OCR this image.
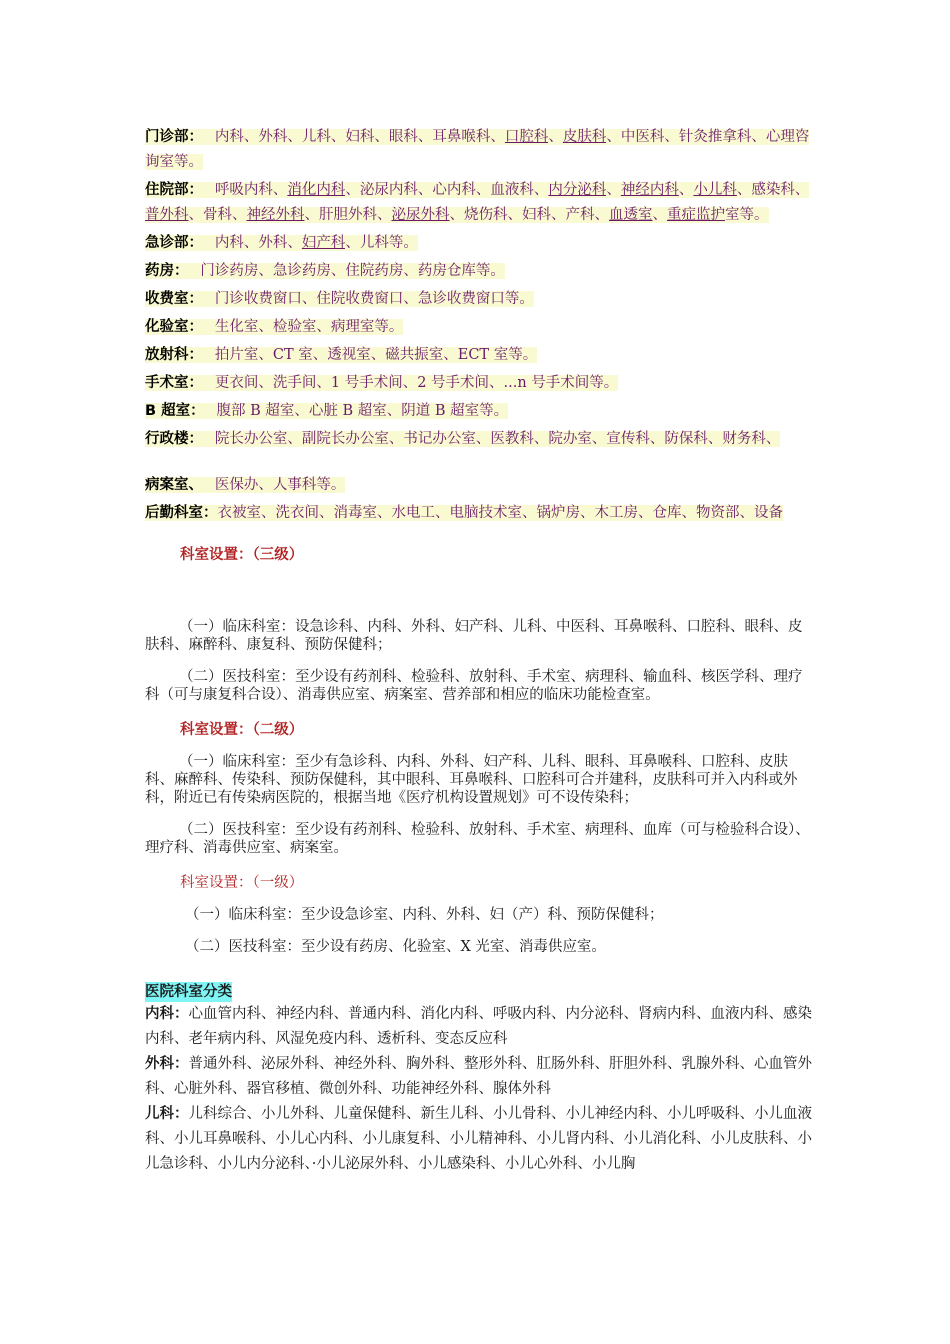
门诊部：　 内科、外科、儿科、妇科、眼科、耳鼻喉科、口腔科、皮肤科、中医科、针灸推拿科、心理咨询室等。
住院部：　 呼吸内科、消化内科、泌尿内科、心内科、血液科、内分泌科、神经内科、小儿科、感染科、普外科、骨科、神经外科、肝胆外科、泌尿外科、烧伤科、妇科、产科、血透室、重症监护室等。
急诊部：　 内科、外科、妇产科、儿科等。
药房：　 门诊药房、急诊药房、住院药房、药房仓库等。
收费室：　 门诊收费窗口、住院收费窗口、急诊收费窗口等。
化验室：　 生化室、检验室、病理室等。
放射科：　 拍片室、CT 室、透视室、磁共振室、ECT 室等。
手术室：　 更衣间、洗手间、1 号手术间、2 号手术间、...n 号手术间等。
B 超室：　 腹部 B 超室、心脏 B 超室、阴道 B 超室等。
行政楼：　 院长办公室、副院长办公室、书记办公室、医教科、院办室、宣传科、防保科、财务科、
病案室、　 医保办、人事科等。
后勤科室：衣被室、洗衣间、消毒室、水电工、电脑技术室、锅炉房、木工房、仓库、物资部、设备
科室设置：（三级）

（一）临床科室：设急诊科、内科、外科、妇产科、儿科、中医科、耳鼻喉科、口腔科、眼科、皮肤科、麻醉科、康复科、预防保健科；

（二）医技科室：至少设有药剂科、检验科、放射科、手术室、病理科、输血科、核医学科、理疗科（可与康复科合设）、消毒供应室、病案室、营养部和相应的临床功能检查室。

科室设置：（二级）

（一）临床科室：至少有急诊科、内科、外科、妇产科、儿科、眼科、耳鼻喉科、口腔科、皮肤科、麻醉科、传染科、预防保健科，其中眼科、耳鼻喉科、口腔科可合并建科，皮肤科可并入内科或外科，附近已有传染病医院的，根据当地《医疗机构设置规划》可不设传染科；

（二）医技科室：至少设有药剂科、检验科、放射科、手术室、病理科、血库（可与检验科合设）、理疗科、消毒供应室、病案室。

科室设置：（一级）

（一）临床科室：至少设急诊室、内科、外科、妇（产）科、预防保健科；

（二）医技科室：至少设有药房、化验室、X 光室、消毒供应室。

医院科室分类
内科：心血管内科、神经内科、普通内科、消化内科、呼吸内科、内分泌科、肾病内科、血液内科、感染内科、老年病内科、风湿免疫内科、透析科、变态反应科
外科：普通外科、泌尿外科、神经外科、胸外科、整形外科、肛肠外科、肝胆外科、乳腺外科、心血管外科、心脏外科、器官移植、微创外科、功能神经外科、腺体外科
儿科：儿科综合、小儿外科、儿童保健科、新生儿科、小儿骨科、小儿神经内科、小儿呼吸科、小儿血液科、小儿耳鼻喉科、小儿心内科、小儿康复科、小儿精神科、小儿肾内科、小儿消化科、小儿皮肤科、小 儿急诊科、小儿内分泌科、·小儿泌尿外科、小儿感染科、小儿心外科、小儿胸
